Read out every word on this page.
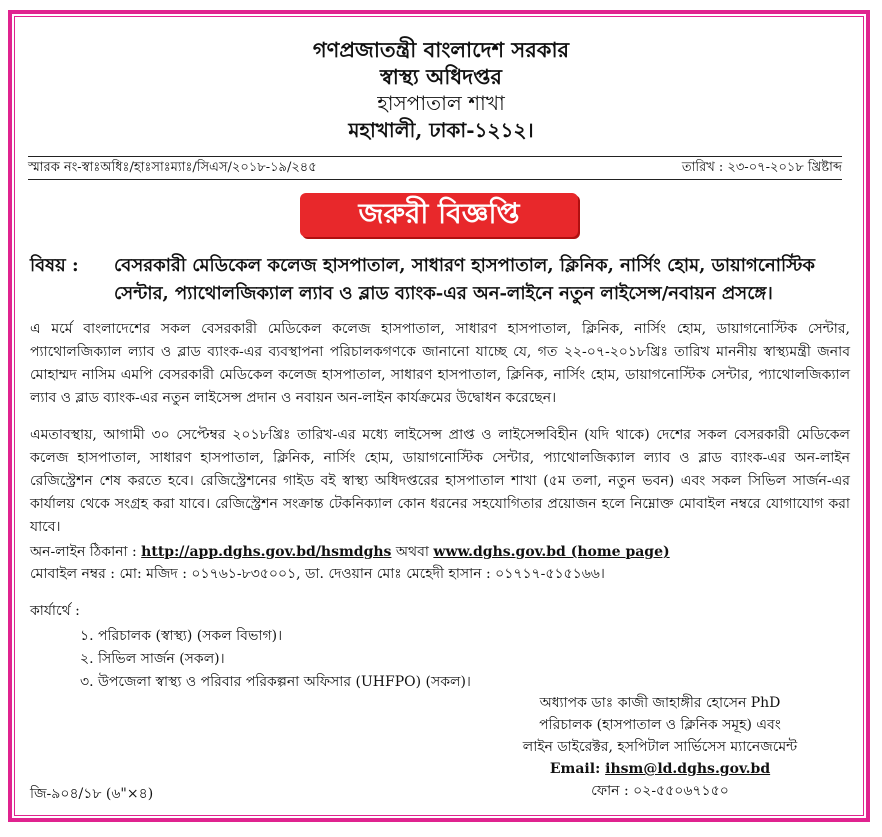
গণপ্রজাতন্ত্রী বাংলাদেশ সরকার
স্বাস্থ্য অধিদপ্তর
হাসপাতাল শাখা
মহাখালী, ঢাকা-১২১২।
স্মারক নং-স্বাঃঅধিঃ/হাঃসাঃম্যাঃ/সিএস/২০১৮-১৯/২৪৫	তারিখ : ২৩-০৭-২০১৮ খ্রিষ্টাব্দ
জরুরী বিজ্ঞপ্তি
বিষয় :	বেসরকারী মেডিকেল কলেজ হাসপাতাল, সাধারণ হাসপাতাল, ক্লিনিক, নার্সিং হোম, ডায়াগনোস্টিক সেন্টার, প্যাথোলজিক্যাল ল্যাব ও ব্লাড ব্যাংক-এর অন-লাইনে নতুন লাইসেন্স/নবায়ন প্রসঙ্গে।
এ মর্মে বাংলাদেশের সকল বেসরকারী মেডিকেল কলেজ হাসপাতাল, সাধারণ হাসপাতাল, ক্লিনিক, নার্সিং হোম, ডায়াগনোস্টিক সেন্টার, প্যাথোলজিক্যাল ল্যাব ও ব্লাড ব্যাংক-এর ব্যবস্থাপনা পরিচালকগণকে জানানো যাচ্ছে যে, গত ২২-০৭-২০১৮খ্রিঃ তারিখ মাননীয় স্বাস্থ্যমন্ত্রী জনাব মোহাম্মদ নাসিম এমপি বেসরকারী মেডিকেল কলেজ হাসপাতাল, সাধারণ হাসপাতাল, ক্লিনিক, নার্সিং হোম, ডায়াগনোস্টিক সেন্টার, প্যাথোলজিক্যাল ল্যাব ও ব্লাড ব্যাংক-এর নতুন লাইসেন্স প্রদান ও নবায়ন অন-লাইন কার্যক্রমের উদ্বোধন করেছেন।
এমতাবস্থায়, আগামী ৩০ সেপ্টেম্বর ২০১৮খ্রিঃ তারিখ-এর মধ্যে লাইসেন্স প্রাপ্ত ও লাইসেন্সবিহীন (যদি থাকে) দেশের সকল বেসরকারী মেডিকেল কলেজ হাসপাতাল, সাধারণ হাসপাতাল, ক্লিনিক, নার্সিং হোম, ডায়াগনোস্টিক সেন্টার, প্যাথোলজিক্যাল ল্যাব ও ব্লাড ব্যাংক-এর অন-লাইন রেজিস্ট্রেশন শেষ করতে হবে। রেজিস্ট্রেশনের গাইড বই স্বাস্থ্য অধিদপ্তরের হাসপাতাল শাখা (৫ম তলা, নতুন ভবন) এবং সকল সিভিল সার্জন-এর কার্যালয় থেকে সংগ্রহ করা যাবে। রেজিস্ট্রেশন সংক্রান্ত টেকনিক্যাল কোন ধরনের সহযোগিতার প্রয়োজন হলে নিম্নোক্ত মোবাইল নম্বরে যোগাযোগ করা যাবে।
অন-লাইন ঠিকানা : http://app.dghs.gov.bd/hsmdghs অথবা www.dghs.gov.bd (home page)
মোবাইল নম্বর : মো: মজিদ : ০১৭৬১-৮৩৫০০১, ডা. দেওয়ান মোঃ মেহেদী হাসান : ০১৭১৭-৫১৫১৬৬।
কার্যার্থে :
১. পরিচালক (স্বাস্থ্য) (সকল বিভাগ)।
২. সিভিল সার্জন (সকল)।
৩. উপজেলা স্বাস্থ্য ও পরিবার পরিকল্পনা অফিসার (UHFPO) (সকল)।
অধ্যাপক ডাঃ কাজী জাহাঙ্গীর হোসেন PhD
পরিচালক (হাসপাতাল ও ক্লিনিক সমূহ) এবং
লাইন ডাইরেক্টর, হসপিটাল সার্ভিসেস ম্যানেজমেন্ট
Email: ihsm@ld.dghs.gov.bd
ফোন : ০২-৫৫০৬৭১৫০
জি-৯০৪/১৮ (৬"×৪)
